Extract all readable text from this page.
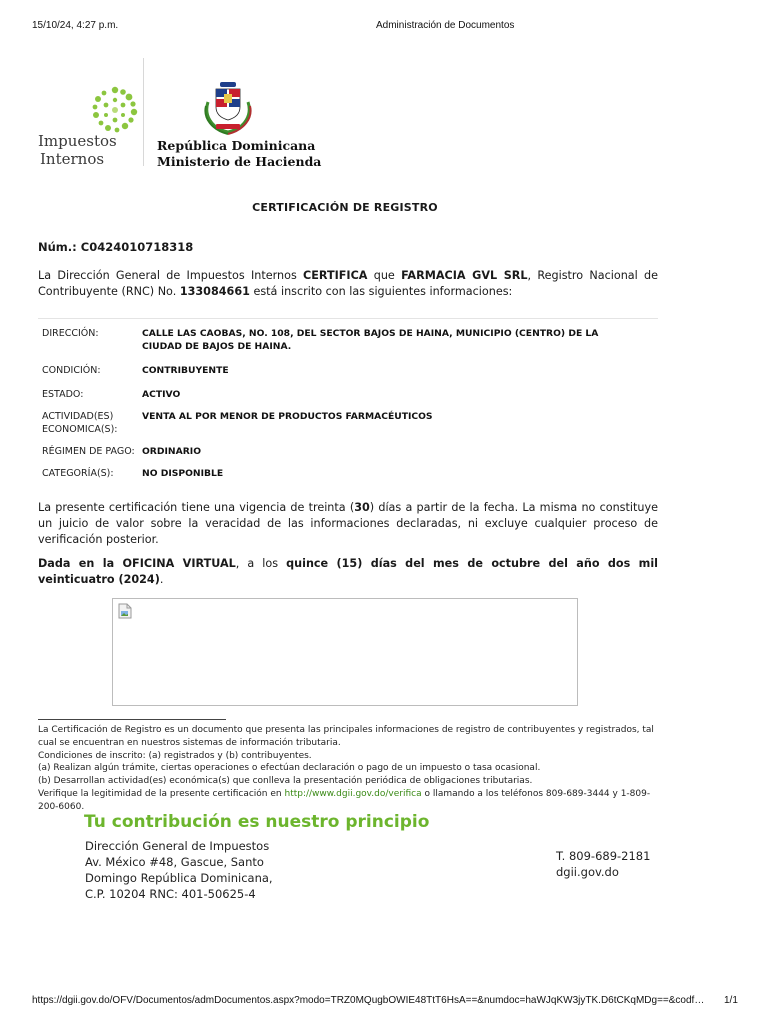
15/10/24, 4:27 p.m.	Administración de Documentos
Impuestos
Internos
República Dominicana
Ministerio de Hacienda
CERTIFICACIÓN DE REGISTRO
Núm.: C0424010718318
La Dirección General de Impuestos Internos CERTIFICA que FARMACIA GVL SRL, Registro Nacional de Contribuyente (RNC) No. 133084661 está inscrito con las siguientes informaciones:
DIRECCIÓN:	CALLE LAS CAOBAS, NO. 108, DEL SECTOR BAJOS DE HAINA, MUNICIPIO (CENTRO) DE LA CIUDAD DE BAJOS DE HAINA.
CONDICIÓN:	CONTRIBUYENTE
ESTADO:	ACTIVO
ACTIVIDAD(ES) ECONOMICA(S):
VENTA AL POR MENOR DE PRODUCTOS FARMACÉUTICOS
RÉGIMEN DE PAGO: ORDINARIO
CATEGORÍA(S):	NO DISPONIBLE
La presente certificación tiene una vigencia de treinta (30) días a partir de la fecha. La misma no constituye un juicio de valor sobre la veracidad de las informaciones declaradas, ni excluye cualquier proceso de verificación posterior.
Dada en la OFICINA VIRTUAL, a los quince (15) días del mes de octubre del año dos mil veinticuatro (2024).
La Certificación de Registro es un documento que presenta las principales informaciones de registro de contribuyentes y registrados, tal cual se encuentran en nuestros sistemas de información tributaria.
Condiciones de inscrito: (a) registrados y (b) contribuyentes.
(a) Realizan algún trámite, ciertas operaciones o efectúan declaración o pago de un impuesto o tasa ocasional.
(b) Desarrollan actividad(es) económica(s) que conlleva la presentación periódica de obligaciones tributarias.
Verifique la legitimidad de la presente certificación en http://www.dgii.gov.do/verifica o llamando a los teléfonos 809-689-3444 y 1-809-200-6060.
Tu contribución es nuestro principio
Dirección General de Impuestos
Av. México #48, Gascue, Santo
Domingo República Dominicana,
C.P. 10204 RNC: 401-50625-4
T. 809-689-2181
dgii.gov.do
https://dgii.gov.do/OFV/Documentos/admDocumentos.aspx?modo=TRZ0MQugbOWIE48TtT6HsA==&numdoc=haWJqKW3jyTK.D6tCKqMDg==&codf…	1/1
